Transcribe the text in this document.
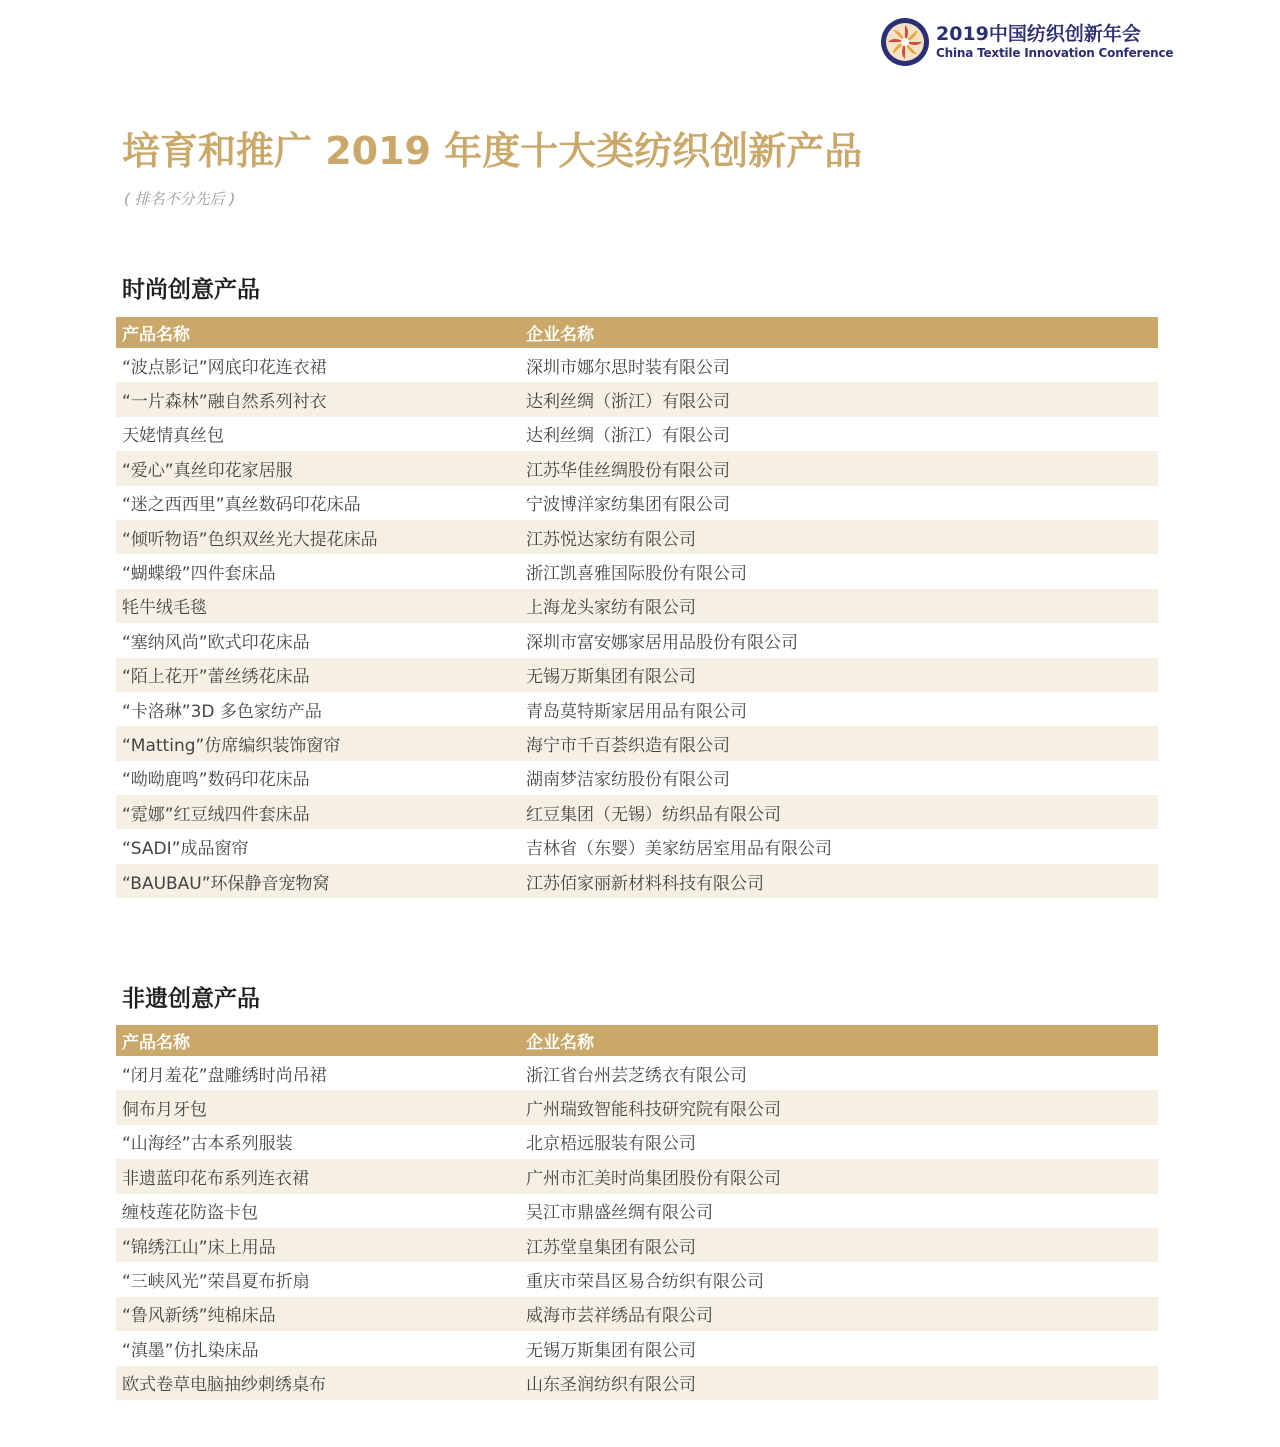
2019中国纺织创新年会
China Textile Innovation Conference
培育和推广 2019 年度十大类纺织创新产品
( 排名不分先后 )
时尚创意产品
产品名称	企业名称
“波点影记”网底印花连衣裙	深圳市娜尔思时装有限公司
“一片森林”融自然系列衬衣	达利丝绸（浙江）有限公司
天姥情真丝包	达利丝绸（浙江）有限公司
“爱心”真丝印花家居服	江苏华佳丝绸股份有限公司
“迷之西西里”真丝数码印花床品	宁波博洋家纺集团有限公司
“倾听物语”色织双丝光大提花床品	江苏悦达家纺有限公司
“蝴蝶缎”四件套床品	浙江凯喜雅国际股份有限公司
牦牛绒毛毯	上海龙头家纺有限公司
“塞纳风尚”欧式印花床品	深圳市富安娜家居用品股份有限公司
“陌上花开”蕾丝绣花床品	无锡万斯集团有限公司
“卡洛琳”3D 多色家纺产品	青岛莫特斯家居用品有限公司
“Matting”仿席编织装饰窗帘	海宁市千百荟织造有限公司
“呦呦鹿鸣”数码印花床品	湖南梦洁家纺股份有限公司
“霓娜”红豆绒四件套床品	红豆集团（无锡）纺织品有限公司
“SADI”成品窗帘	吉林省（东婴）美家纺居室用品有限公司
“BAUBAU”环保静音宠物窝	江苏佰家丽新材料科技有限公司
非遗创意产品
产品名称	企业名称
“闭月羞花”盘雕绣时尚吊裙	浙江省台州芸芝绣衣有限公司
侗布月牙包	广州瑞致智能科技研究院有限公司
“山海经”古本系列服装	北京梧远服装有限公司
非遗蓝印花布系列连衣裙	广州市汇美时尚集团股份有限公司
缠枝莲花防盗卡包	吴江市鼎盛丝绸有限公司
“锦绣江山”床上用品	江苏堂皇集团有限公司
“三峡风光”荣昌夏布折扇	重庆市荣昌区易合纺织有限公司
“鲁风新绣”纯棉床品	威海市芸祥绣品有限公司
“滇墨”仿扎染床品	无锡万斯集团有限公司
欧式卷草电脑抽纱刺绣桌布	山东圣润纺织有限公司
